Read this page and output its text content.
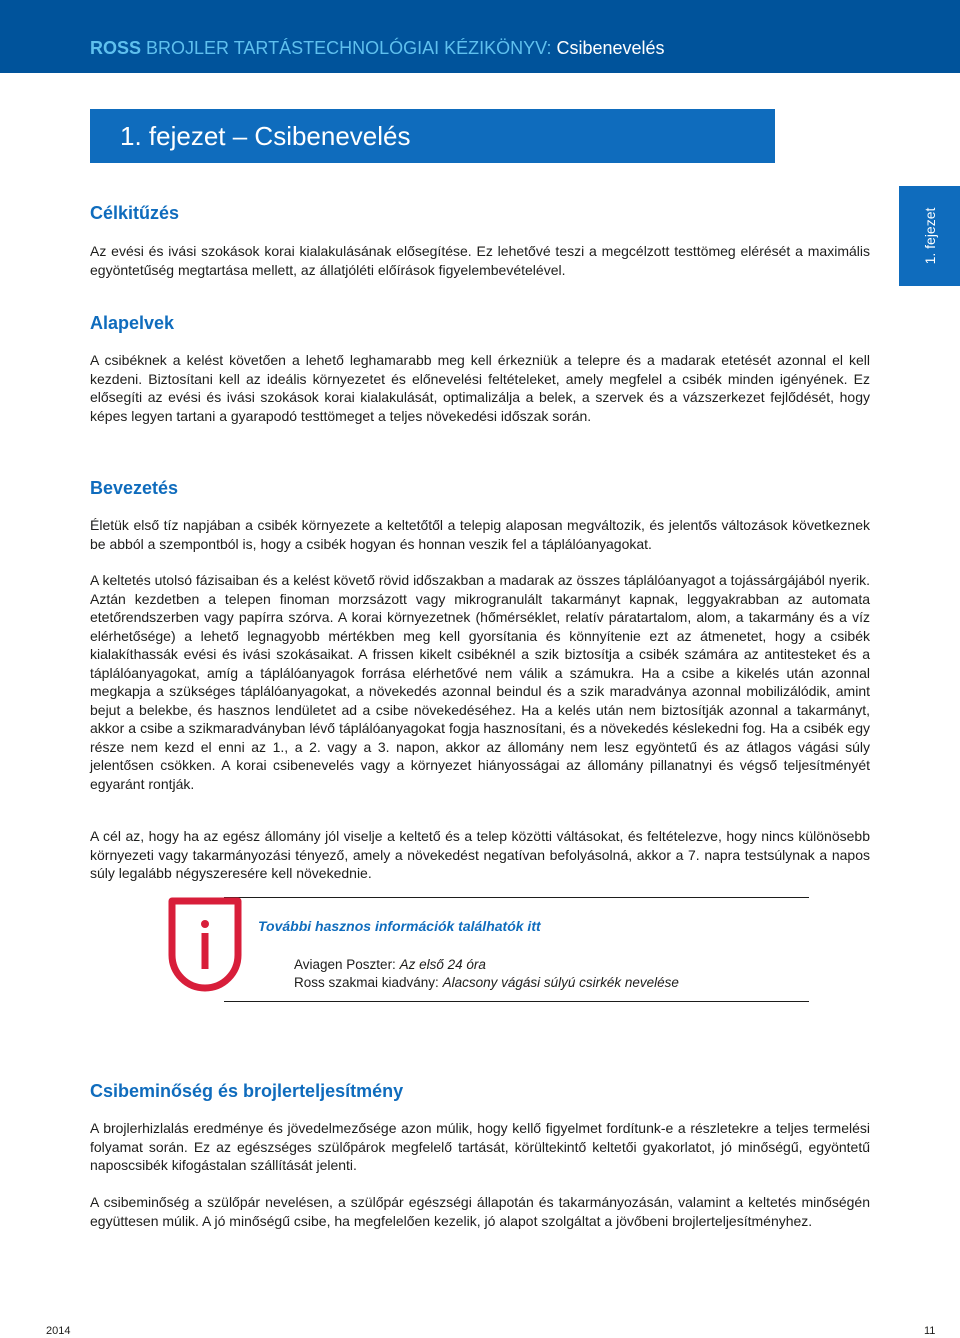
ROSS BROJLER TARTÁSTECHNOLÓGIAI KÉZIKÖNYV: Csibenevelés
1. fejezet – Csibenevelés
1. fejezet
Célkitűzés

Az evési és ivási szokások korai kialakulásának elősegítése. Ez lehetővé teszi a megcélzott testtömeg elérését a maximális egyöntetűség megtartása mellett, az állatjóléti előírások figyelembevételével.

Alapelvek

A csibéknek a kelést követően a lehető leghamarabb meg kell érkezniük a telepre és a madarak etetését azonnal el kell kezdeni. Biztosítani kell az ideális környezetet és előnevelési feltételeket, amely megfelel a csibék minden igényének. Ez elősegíti az evési és ivási szokások korai kialakulását, optimalizálja a belek, a szervek és a vázszerkezet fejlődését, hogy képes legyen tartani a gyarapodó testtömeget a teljes növekedési időszak során.

Bevezetés

Életük első tíz napjában a csibék környezete a keltetőtől a telepig alaposan megváltozik, és jelentős változások következnek be abból a szempontból is, hogy a csibék hogyan és honnan veszik fel a táplálóanyagokat.

A keltetés utolsó fázisaiban és a kelést követő rövid időszakban a madarak az összes táplálóanyagot a tojássárgájából nyerik. Aztán kezdetben a telepen finoman morzsázott vagy mikrogranulált takarmányt kapnak, leggyakrabban az automata etetőrendszerben vagy papírra szórva. A korai környezetnek (hőmérséklet, relatív páratartalom, alom, a takarmány és a víz elérhetősége) a lehető legnagyobb mértékben meg kell gyorsítania és könnyítenie ezt az átmenetet, hogy a csibék kialakíthassák evési és ivási szokásaikat. A frissen kikelt csibéknél a szik biztosítja a csibék számára az antitesteket és a táplálóanyagokat, amíg a táplálóanyagok forrása elérhetővé nem válik a számukra. Ha a csibe a kikelés után azonnal megkapja a szükséges táplálóanyagokat, a növekedés azonnal beindul és a szik maradványa azonnal mobilizálódik, amint bejut a belekbe, és hasznos lendületet ad a csibe növekedéséhez. Ha a kelés után nem biztosítják azonnal a takarmányt, akkor a csibe a szikmaradványban lévő táplálóanyagokat fogja hasznosítani, és a növekedés késlekedni fog. Ha a csibék egy része nem kezd el enni az 1., a 2. vagy a 3. napon, akkor az állomány nem lesz egyöntetű és az átlagos vágási súly jelentősen csökken. A korai csibenevelés vagy a környezet hiányosságai az állomány pillanatnyi és végső teljesítményét egyaránt rontják.

A cél az, hogy ha az egész állomány jól viselje a keltető és a telep közötti váltásokat, és feltételezve, hogy nincs különösebb környezeti vagy takarmányozási tényező, amely a növekedést negatívan befolyásolná, akkor a 7. napra testsúlynak a napos súly legalább négyszeresére kell növekednie.

További hasznos információk találhatók itt
Aviagen Poszter: Az első 24 óra
Ross szakmai kiadvány: Alacsony vágási súlyú csirkék nevelése
Csibeminőség és brojlerteljesítmény

A brojlerhizlalás eredménye és jövedelmezősége azon múlik, hogy kellő figyelmet fordítunk-e a részletekre a teljes termelési folyamat során. Ez az egészséges szülőpárok megfelelő tartását, körültekintő keltetői gyakorlatot, jó minőségű, egyöntetű naposcsibék kifogástalan szállítását jelenti.

A csibeminőség a szülőpár nevelésen, a szülőpár egészségi állapotán és takarmányozásán, valamint a keltetés minőségén együttesen múlik. A jó minőségű csibe, ha megfelelően kezelik, jó alapot szolgáltat a jövőbeni brojlerteljesítményhez.

2014	11
